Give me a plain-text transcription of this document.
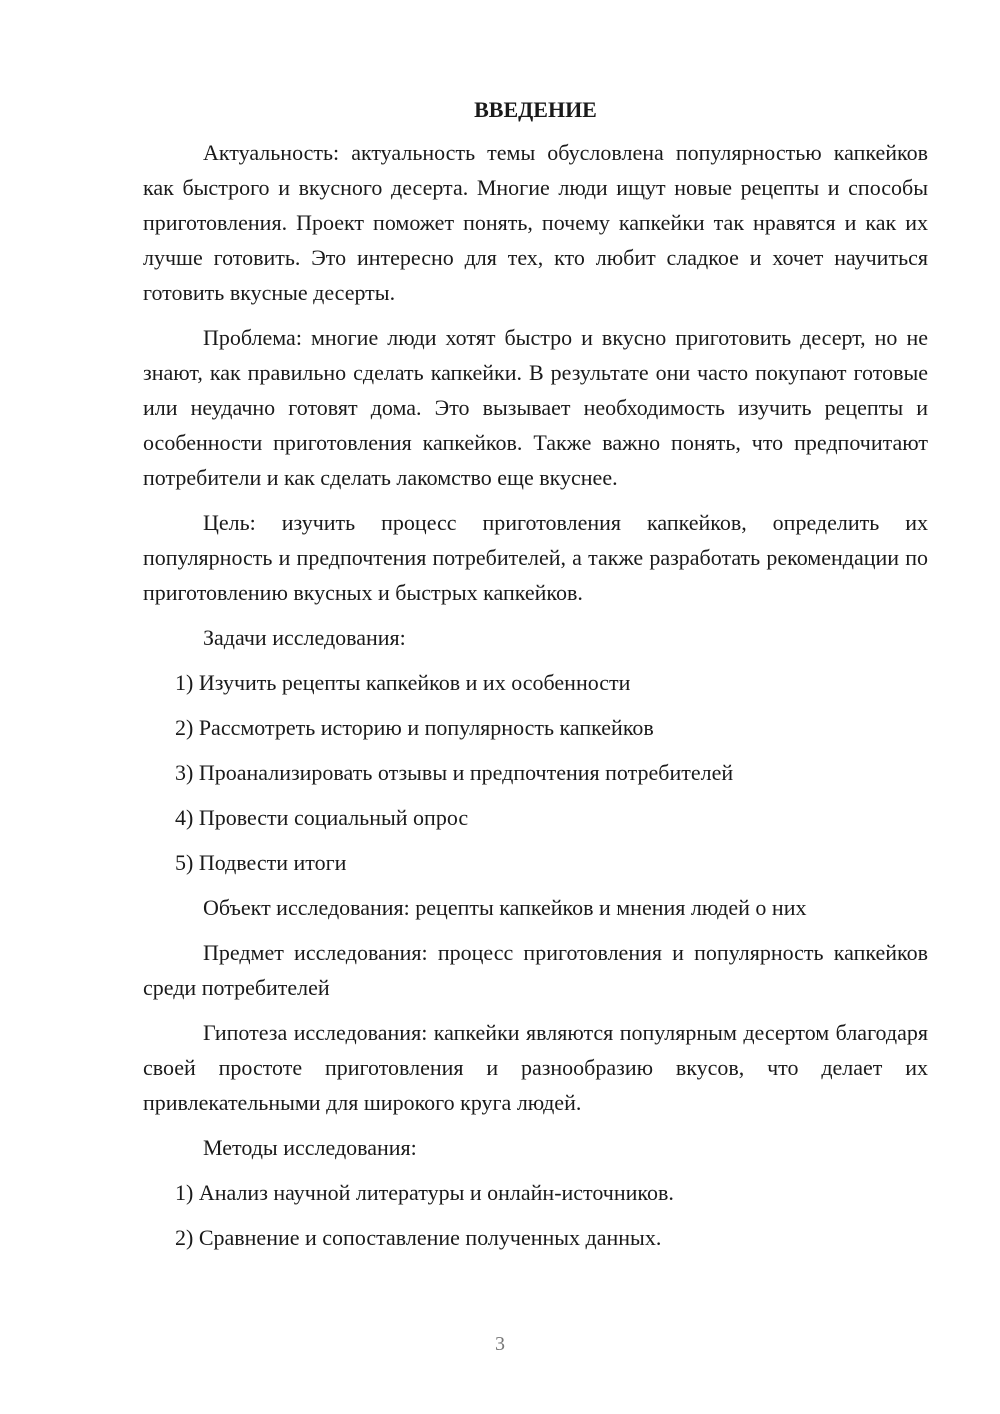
ВВЕДЕНИЕ

Актуальность: актуальность темы обусловлена популярностью капкейков как быстрого и вкусного десерта. Многие люди ищут новые рецепты и способы приготовления. Проект поможет понять, почему капкейки так нравятся и как их лучше готовить. Это интересно для тех, кто любит сладкое и хочет научиться готовить вкусные десерты.

Проблема: многие люди хотят быстро и вкусно приготовить десерт, но не знают, как правильно сделать капкейки. В результате они часто покупают готовые или неудачно готовят дома. Это вызывает необходимость изучить рецепты и особенности приготовления капкейков. Также важно понять, что предпочитают потребители и как сделать лакомство еще вкуснее.

Цель: изучить процесс приготовления капкейков, определить их популярность и предпочтения потребителей, а также разработать рекомендации по приготовлению вкусных и быстрых капкейков.

Задачи исследования:
1) Изучить рецепты капкейков и их особенности
2) Рассмотреть историю и популярность капкейков
3) Проанализировать отзывы и предпочтения потребителей
4) Провести социальный опрос
5) Подвести итоги

Объект исследования: рецепты капкейков и мнения людей о них

Предмет исследования: процесс приготовления и популярность капкейков среди потребителей

Гипотеза исследования: капкейки являются популярным десертом благодаря своей простоте приготовления и разнообразию вкусов, что делает их привлекательными для широкого круга людей.

Методы исследования:
1) Анализ научной литературы и онлайн-источников.
2) Сравнение и сопоставление полученных данных.
3
